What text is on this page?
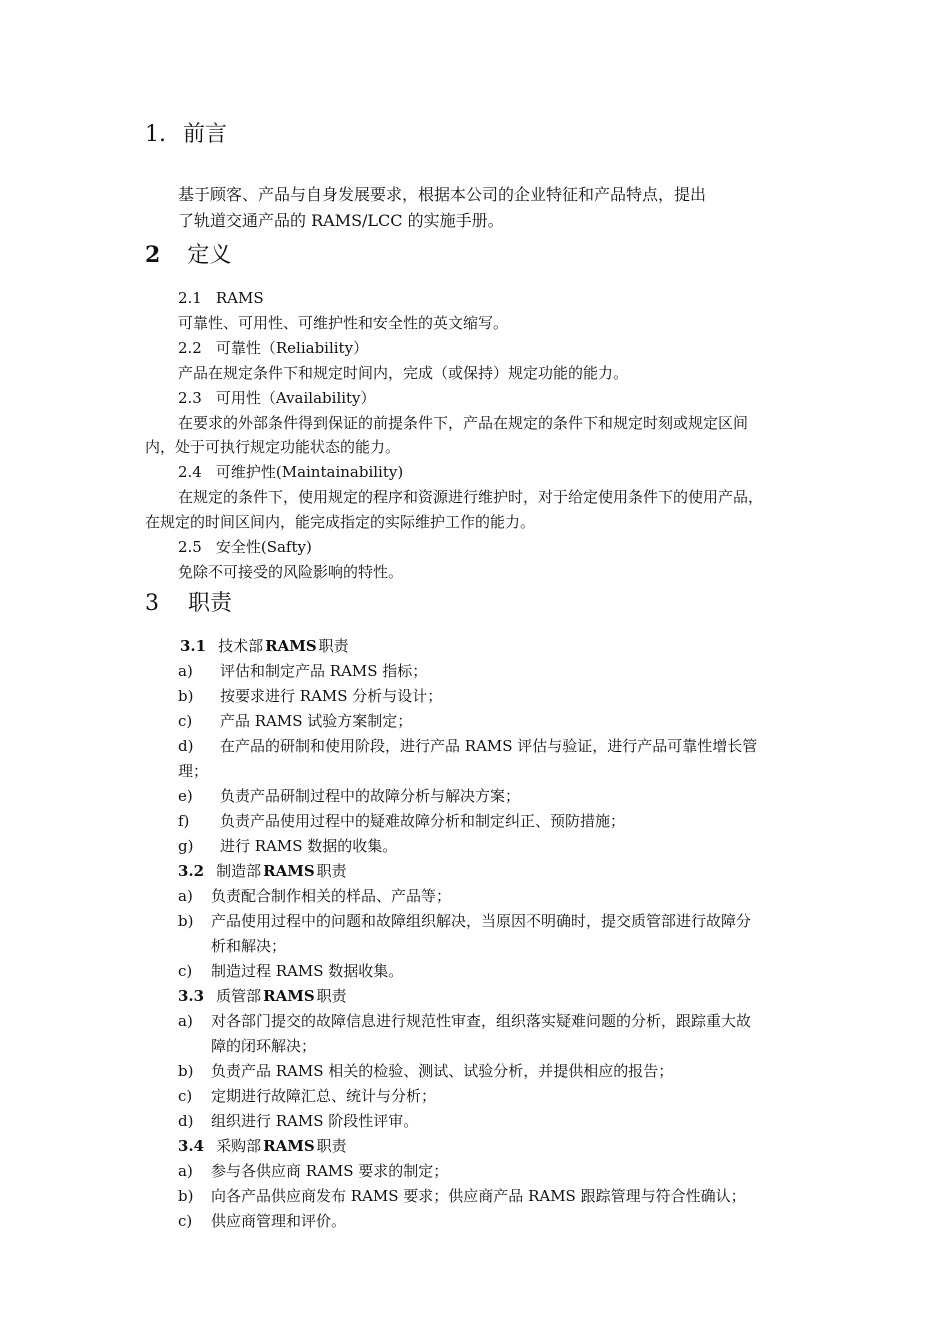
1. 前言
基于顾客、产品与自身发展要求，根据本公司的企业特征和产品特点，提出
了轨道交通产品的 RAMS/LCC 的实施手册。
2 定义
2.1 RAMS
可靠性、可用性、可维护性和安全性的英文缩写。
2.2 可靠性（Reliability）
产品在规定条件下和规定时间内，完成（或保持）规定功能的能力。
2.3 可用性（Availability）
在要求的外部条件得到保证的前提条件下，产品在规定的条件下和规定时刻或规定区间
内，处于可执行规定功能状态的能力。
2.4 可维护性(Maintainability)
在规定的条件下，使用规定的程序和资源进行维护时，对于给定使用条件下的使用产品，
在规定的时间区间内，能完成指定的实际维护工作的能力。
2.5 安全性(Safty)
免除不可接受的风险影响的特性。
3 职责
3.1 技术部 RAMS 职责
a) 评估和制定产品 RAMS 指标；
b) 按要求进行 RAMS 分析与设计；
c) 产品 RAMS 试验方案制定；
d) 在产品的研制和使用阶段，进行产品 RAMS 评估与验证，进行产品可靠性增长管
理；
e) 负责产品研制过程中的故障分析与解决方案；
f) 负责产品使用过程中的疑难故障分析和制定纠正、预防措施；
g) 进行 RAMS 数据的收集。
3.2 制造部 RAMS 职责
a) 负责配合制作相关的样品、产品等；
b) 产品使用过程中的问题和故障组织解决，当原因不明确时，提交质管部进行故障分
析和解决；
c) 制造过程 RAMS 数据收集。
3.3 质管部 RAMS 职责
a) 对各部门提交的故障信息进行规范性审查，组织落实疑难问题的分析，跟踪重大故
障的闭环解决；
b) 负责产品 RAMS 相关的检验、测试、试验分析，并提供相应的报告；
c) 定期进行故障汇总、统计与分析；
d) 组织进行 RAMS 阶段性评审。
3.4 采购部 RAMS 职责
a) 参与各供应商 RAMS 要求的制定；
b) 向各产品供应商发布 RAMS 要求；供应商产品 RAMS 跟踪管理与符合性确认；
c) 供应商管理和评价。
